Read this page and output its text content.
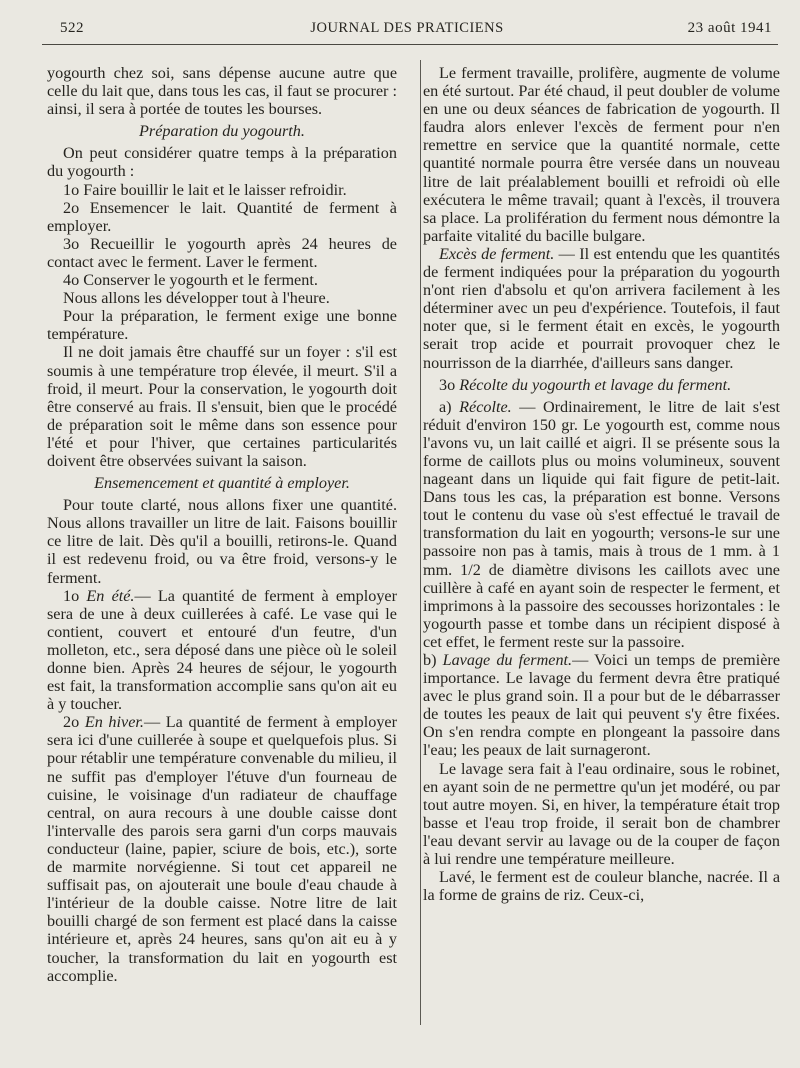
522	JOURNAL DES PRATICIENS	23 août 1941

yogourth chez soi, sans dépense aucune autre que celle du lait que, dans tous les cas, il faut se procurer : ainsi, il sera à portée de toutes les bourses.

Préparation du yogourth.

On peut considérer quatre temps à la préparation du yogourth :

1o Faire bouillir le lait et le laisser refroidir.

2o Ensemencer le lait. Quantité de ferment à employer.

3o Recueillir le yogourth après 24 heures de contact avec le ferment. Laver le ferment.

4o Conserver le yogourth et le ferment.

Nous allons les développer tout à l'heure.

Pour la préparation, le ferment exige une bonne température.

Il ne doit jamais être chauffé sur un foyer : s'il est soumis à une température trop élevée, il meurt. S'il a froid, il meurt. Pour la conservation, le yogourth doit être conservé au frais. Il s'ensuit, bien que le procédé de préparation soit le même dans son essence pour l'été et pour l'hiver, que certaines particularités doivent être observées suivant la saison.

Ensemencement et quantité à employer.

Pour toute clarté, nous allons fixer une quantité. Nous allons travailler un litre de lait. Faisons bouillir ce litre de lait. Dès qu'il a bouilli, retirons-le. Quand il est redevenu froid, ou va être froid, versons-y le ferment.

1o En été.— La quantité de ferment à employer sera de une à deux cuillerées à café. Le vase qui le contient, couvert et entouré d'un feutre, d'un molleton, etc., sera déposé dans une pièce où le soleil donne bien. Après 24 heures de séjour, le yogourth est fait, la transformation accomplie sans qu'on ait eu à y toucher.

2o En hiver.— La quantité de ferment à employer sera ici d'une cuillerée à soupe et quelquefois plus. Si pour rétablir une température convenable du milieu, il ne suffit pas d'employer l'étuve d'un fourneau de cuisine, le voisinage d'un radiateur de chauffage central, on aura recours à une double caisse dont l'intervalle des parois sera garni d'un corps mauvais conducteur (laine, papier, sciure de bois, etc.), sorte de marmite norvégienne. Si tout cet appareil ne suffisait pas, on ajouterait une boule d'eau chaude à l'intérieur de la double caisse. Notre litre de lait bouilli chargé de son ferment est placé dans la caisse intérieure et, après 24 heures, sans qu'on ait eu à y toucher, la transformation du lait en yogourth est accomplie.

Le ferment travaille, prolifère, augmente de volume en été surtout. Par été chaud, il peut doubler de volume en une ou deux séances de fabrication de yogourth. Il faudra alors enlever l'excès de ferment pour n'en remettre en service que la quantité normale, cette quantité normale pourra être versée dans un nouveau litre de lait préalablement bouilli et refroidi où elle exécutera le même travail; quant à l'excès, il trouvera sa place. La prolifération du ferment nous démontre la parfaite vitalité du bacille bulgare.

Excès de ferment. — Il est entendu que les quantités de ferment indiquées pour la préparation du yogourth n'ont rien d'absolu et qu'on arrivera facilement à les déterminer avec un peu d'expérience. Toutefois, il faut noter que, si le ferment était en excès, le yogourth serait trop acide et pourrait provoquer chez le nourrisson de la diarrhée, d'ailleurs sans danger.

3o Récolte du yogourth et lavage du ferment.

a) Récolte. — Ordinairement, le litre de lait s'est réduit d'environ 150 gr. Le yogourth est, comme nous l'avons vu, un lait caillé et aigri. Il se présente sous la forme de caillots plus ou moins volumineux, souvent nageant dans un liquide qui fait figure de petit-lait. Dans tous les cas, la préparation est bonne. Versons tout le contenu du vase où s'est effectué le travail de transformation du lait en yogourth; versons-le sur une passoire non pas à tamis, mais à trous de 1 mm. à 1 mm. 1/2 de diamètre divisons les caillots avec une cuillère à café en ayant soin de respecter le ferment, et imprimons à la passoire des secousses horizontales : le yogourth passe et tombe dans un récipient disposé à cet effet, le ferment reste sur la passoire.

b) Lavage du ferment.— Voici un temps de première importance. Le lavage du ferment devra être pratiqué avec le plus grand soin. Il a pour but de le débarrasser de toutes les peaux de lait qui peuvent s'y être fixées. On s'en rendra compte en plongeant la passoire dans l'eau; les peaux de lait surnageront.

Le lavage sera fait à l'eau ordinaire, sous le robinet, en ayant soin de ne permettre qu'un jet modéré, ou par tout autre moyen. Si, en hiver, la température était trop basse et l'eau trop froide, il serait bon de chambrer l'eau devant servir au lavage ou de la couper de façon à lui rendre une température meilleure.

Lavé, le ferment est de couleur blanche, nacrée. Il a la forme de grains de riz. Ceux-ci,
